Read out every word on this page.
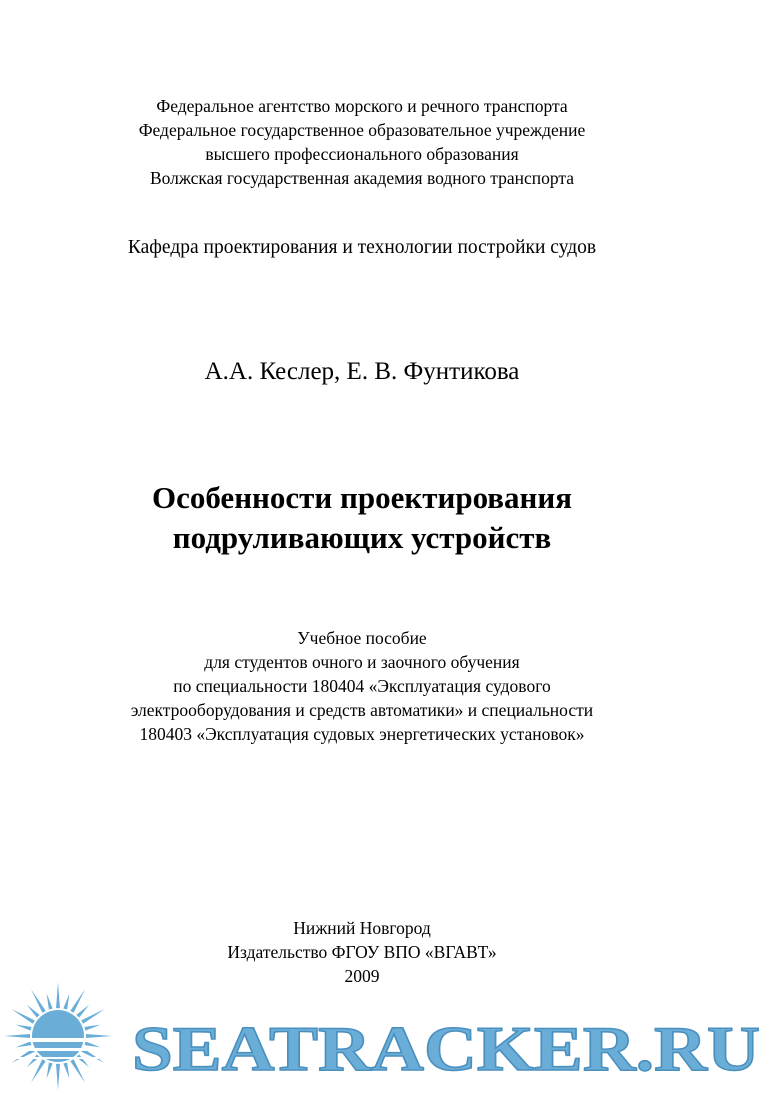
Федеральное агентство морского и речного транспорта
Федеральное государственное образовательное учреждение
высшего профессионального образования
Волжская государственная академия водного транспорта
Кафедра проектирования и технологии постройки судов
А.А. Кеслер, Е. В. Фунтикова
Особенности проектирования
подруливающих устройств
Учебное пособие
для студентов очного и заочного обучения
по специальности 180404 «Эксплуатация судового
электрооборудования и средств автоматики» и специальности
180403 «Эксплуатация судовых энергетических установок»
Нижний Новгород
Издательство ФГОУ ВПО «ВГАВТ»
2009
SEATRACKER.RU
